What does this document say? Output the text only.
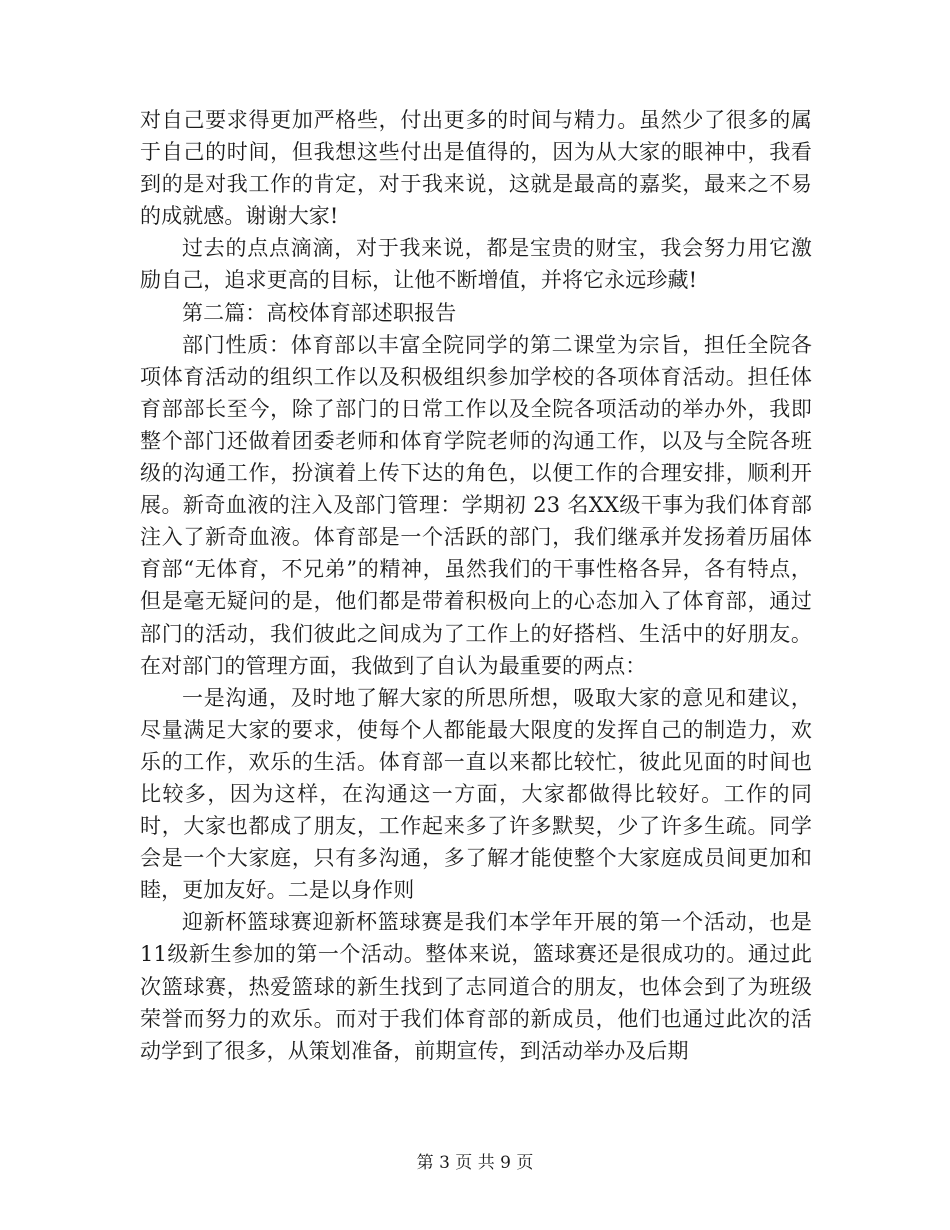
对自己要求得更加严格些，付出更多的时间与精力。虽然少了很多的属于自己的时间，但我想这些付出是值得的，因为从大家的眼神中，我看到的是对我工作的肯定，对于我来说，这就是最高的嘉奖，最来之不易的成就感。谢谢大家!

过去的点点滴滴，对于我来说，都是宝贵的财宝，我会努力用它激励自己，追求更高的目标，让他不断增值，并将它永远珍藏!

第二篇：高校体育部述职报告

部门性质：体育部以丰富全院同学的第二课堂为宗旨，担任全院各项体育活动的组织工作以及积极组织参加学校的各项体育活动。担任体育部部长至今，除了部门的日常工作以及全院各项活动的举办外，我即整个部门还做着团委老师和体育学院老师的沟通工作，以及与全院各班级的沟通工作，扮演着上传下达的角色，以便工作的合理安排，顺利开展。新奇血液的注入及部门管理：学期初 23 名XX级干事为我们体育部注入了新奇血液。体育部是一个活跃的部门，我们继承并发扬着历届体育部“无体育，不兄弟”的精神，虽然我们的干事性格各异，各有特点，但是毫无疑问的是，他们都是带着积极向上的心态加入了体育部，通过部门的活动，我们彼此之间成为了工作上的好搭档、生活中的好朋友。在对部门的管理方面，我做到了自认为最重要的两点：

一是沟通，及时地了解大家的所思所想，吸取大家的意见和建议，尽量满足大家的要求，使每个人都能最大限度的发挥自己的制造力，欢乐的工作，欢乐的生活。体育部一直以来都比较忙，彼此见面的时间也比较多，因为这样，在沟通这一方面，大家都做得比较好。工作的同时，大家也都成了朋友，工作起来多了许多默契，少了许多生疏。同学会是一个大家庭，只有多沟通，多了解才能使整个大家庭成员间更加和睦，更加友好。二是以身作则

迎新杯篮球赛迎新杯篮球赛是我们本学年开展的第一个活动，也是11级新生参加的第一个活动。整体来说，篮球赛还是很成功的。通过此次篮球赛，热爱篮球的新生找到了志同道合的朋友，也体会到了为班级荣誉而努力的欢乐。而对于我们体育部的新成员，他们也通过此次的活动学到了很多，从策划准备，前期宣传，到活动举办及后期

第 3 页 共 9 页
